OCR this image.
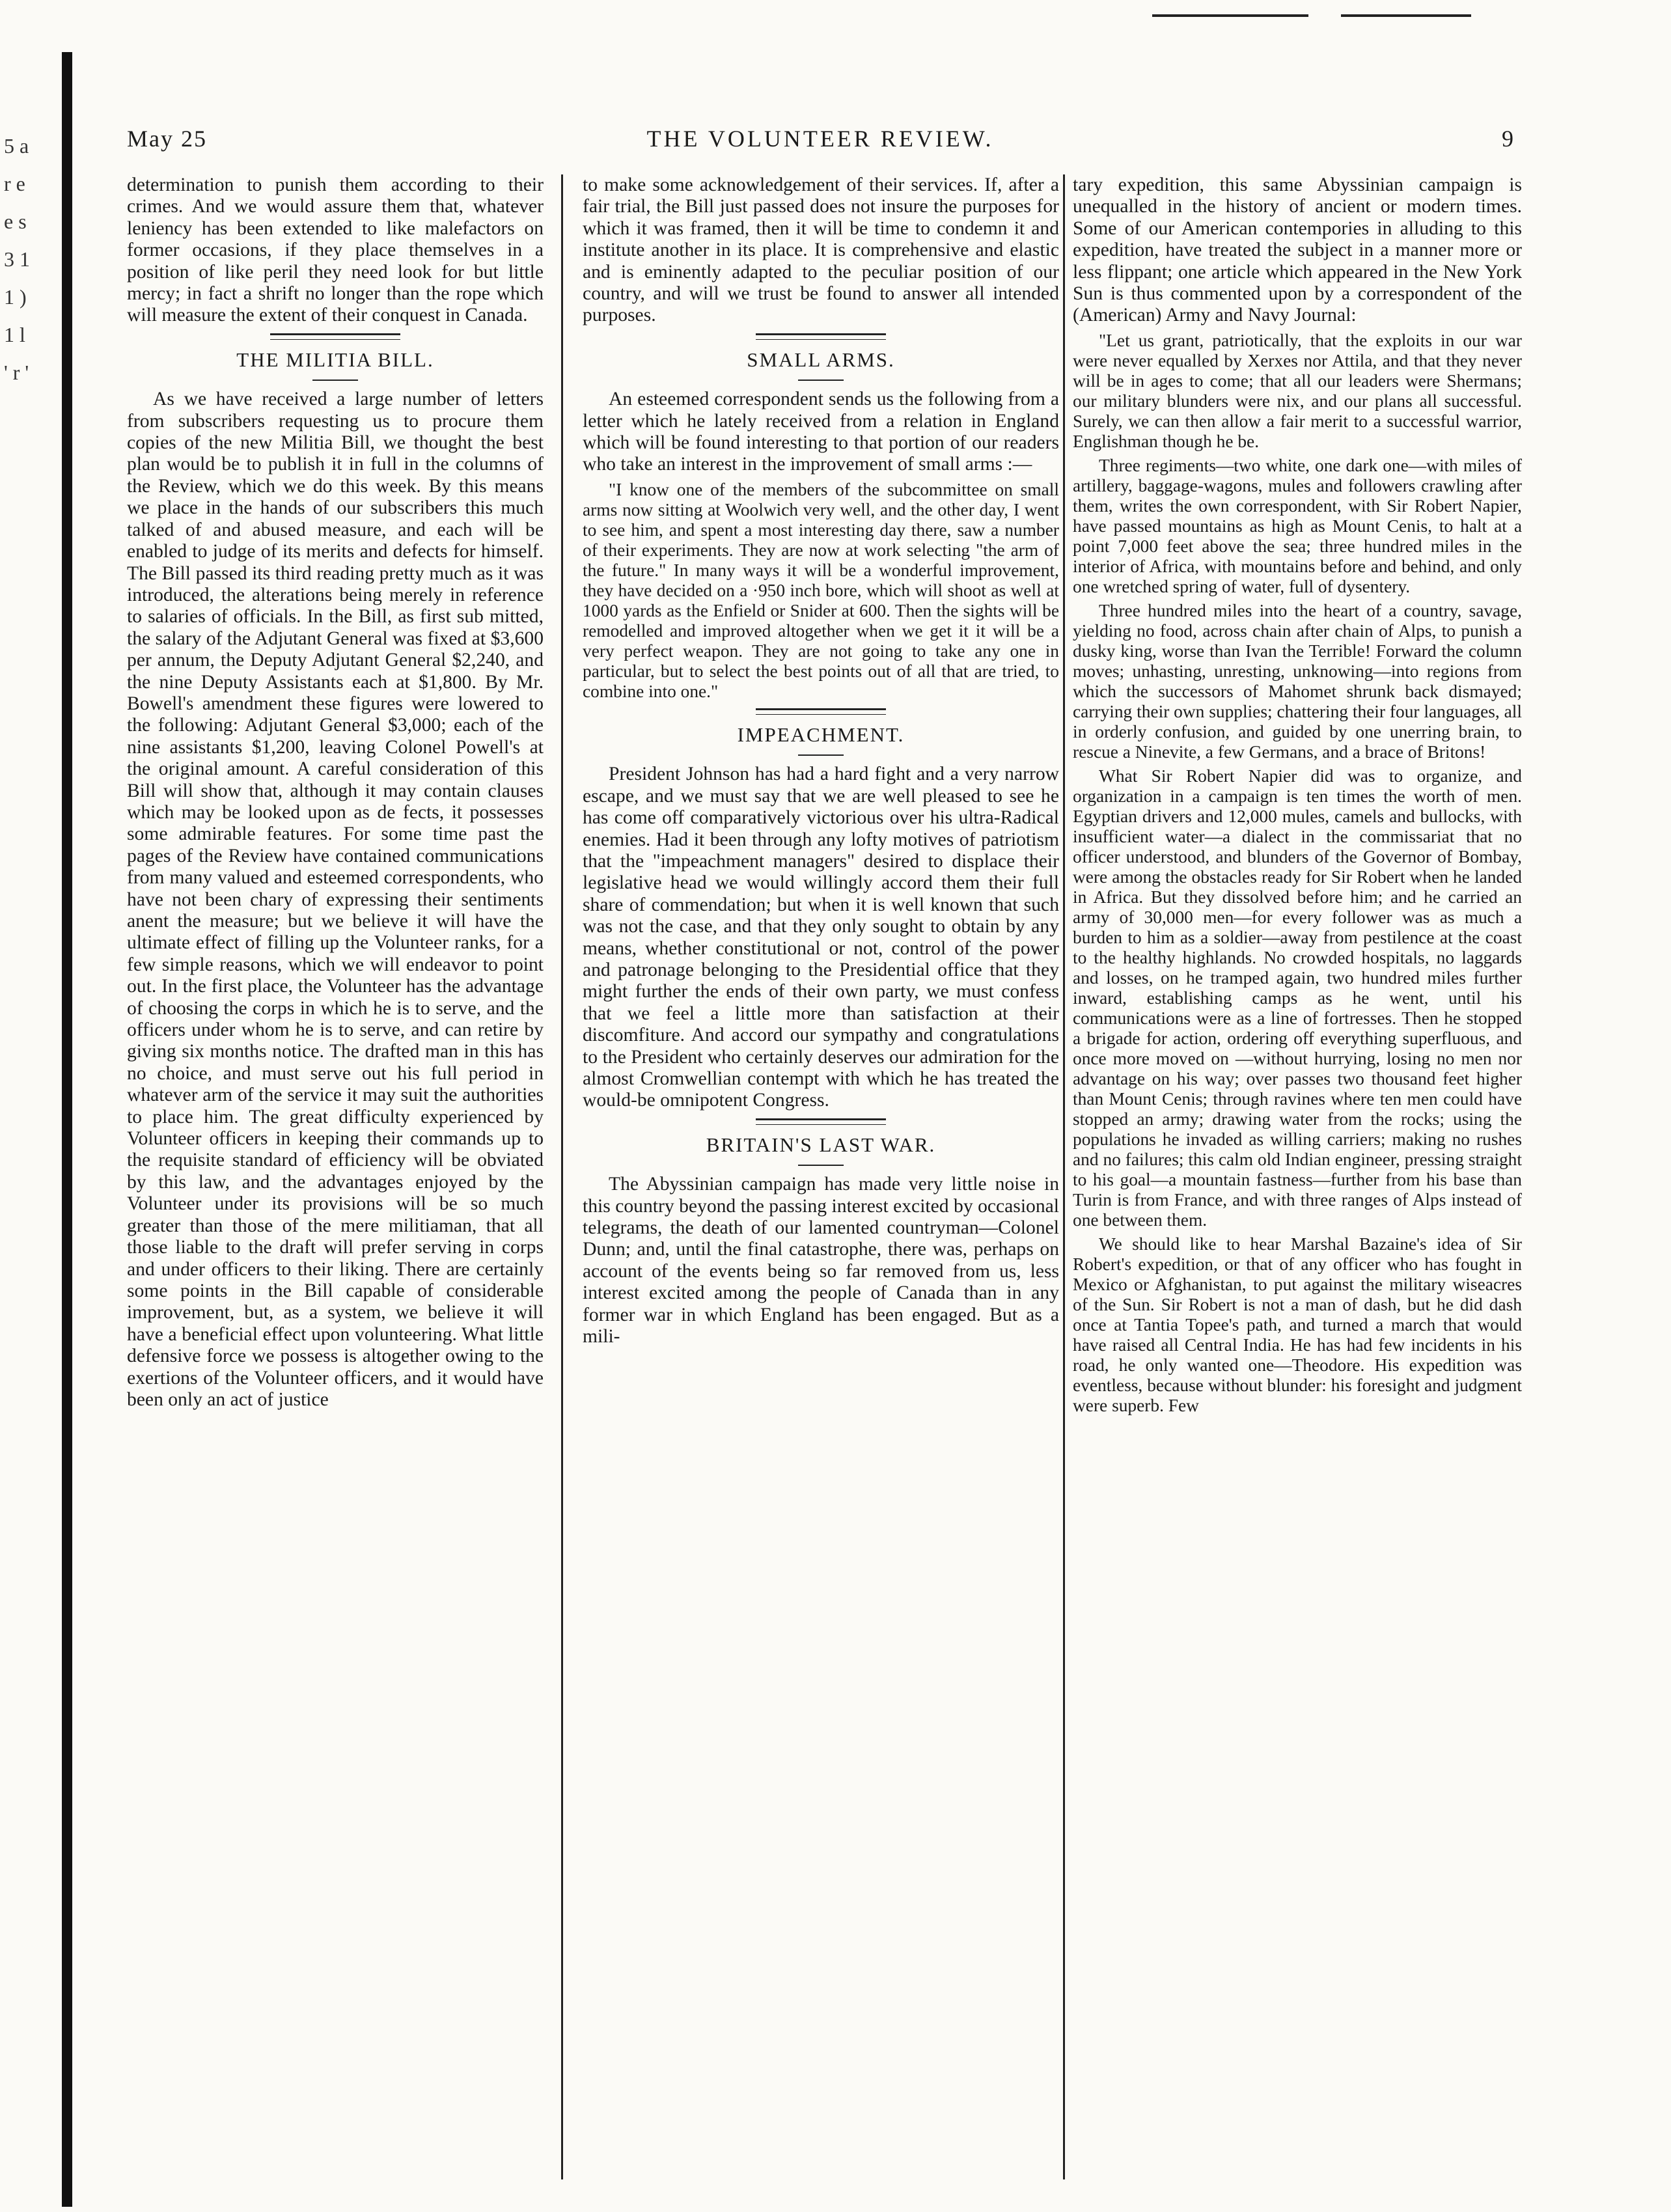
5 a r e e s 3 1 1 ) 1 l ' r '
May 25	THE VOLUNTEER REVIEW.	9

determination to punish them according to their crimes. And we would assure them that, whatever leniency has been extended to like malefactors on former occasions, if they place themselves in a position of like peril they need look for but little mercy; in fact a shrift no longer than the rope which will measure the extent of their conquest in Canada.

THE MILITIA BILL.

As we have received a large number of letters from subscribers requesting us to procure them copies of the new Militia Bill, we thought the best plan would be to publish it in full in the columns of the Review, which we do this week. By this means we place in the hands of our subscribers this much talked of and abused measure, and each will be enabled to judge of its merits and defects for himself. The Bill passed its third reading pretty much as it was introduced, the alterations being merely in reference to salaries of officials. In the Bill, as first sub mitted, the salary of the Adjutant General was fixed at $3,600 per annum, the Deputy Adjutant General $2,240, and the nine Deputy Assistants each at $1,800. By Mr. Bowell's amendment these figures were lowered to the following: Adjutant General $3,000; each of the nine assistants $1,200, leaving Colonel Powell's at the original amount. A careful consideration of this Bill will show that, although it may contain clauses which may be looked upon as de fects, it possesses some admirable features. For some time past the pages of the Review have contained communications from many valued and esteemed correspondents, who have not been chary of expressing their sentiments anent the measure; but we believe it will have the ultimate effect of filling up the Volunteer ranks, for a few simple reasons, which we will endeavor to point out. In the first place, the Volunteer has the advantage of choosing the corps in which he is to serve, and the officers under whom he is to serve, and can retire by giving six months notice. The drafted man in this has no choice, and must serve out his full period in whatever arm of the service it may suit the authorities to place him. The great difficulty experienced by Volunteer officers in keeping their commands up to the requisite standard of efficiency will be obviated by this law, and the advantages enjoyed by the Volunteer under its provisions will be so much greater than those of the mere militiaman, that all those liable to the draft will prefer serving in corps and under officers to their liking. There are certainly some points in the Bill capable of considerable improvement, but, as a system, we believe it will have a beneficial effect upon volunteering. What little defensive force we possess is altogether owing to the exertions of the Volunteer officers, and it would have been only an act of justice

to make some acknowledgement of their services. If, after a fair trial, the Bill just passed does not insure the purposes for which it was framed, then it will be time to condemn it and institute another in its place. It is comprehensive and elastic and is eminently adapted to the peculiar position of our country, and will we trust be found to answer all intended purposes.

SMALL ARMS.

An esteemed correspondent sends us the following from a letter which he lately received from a relation in England which will be found interesting to that portion of our readers who take an interest in the improvement of small arms :—

"I know one of the members of the subcommittee on small arms now sitting at Woolwich very well, and the other day, I went to see him, and spent a most interesting day there, saw a number of their experiments. They are now at work selecting "the arm of the future." In many ways it will be a wonderful improvement, they have decided on a ·950 inch bore, which will shoot as well at 1000 yards as the Enfield or Snider at 600. Then the sights will be remodelled and improved altogether when we get it it will be a very perfect weapon. They are not going to take any one in particular, but to select the best points out of all that are tried, to combine into one."

IMPEACHMENT.

President Johnson has had a hard fight and a very narrow escape, and we must say that we are well pleased to see he has come off comparatively victorious over his ultra-Radical enemies. Had it been through any lofty motives of patriotism that the "impeachment managers" desired to displace their legislative head we would willingly accord them their full share of commendation; but when it is well known that such was not the case, and that they only sought to obtain by any means, whether constitutional or not, control of the power and patronage belonging to the Presidential office that they might further the ends of their own party, we must confess that we feel a little more than satisfaction at their discomfiture. And accord our sympathy and congratulations to the President who certainly deserves our admiration for the almost Cromwellian contempt with which he has treated the would-be omnipotent Congress.

BRITAIN'S LAST WAR.

The Abyssinian campaign has made very little noise in this country beyond the passing interest excited by occasional telegrams, the death of our lamented countryman—Colonel Dunn; and, until the final catastrophe, there was, perhaps on account of the events being so far removed from us, less interest excited among the people of Canada than in any former war in which England has been engaged. But as a mili-

tary expedition, this same Abyssinian campaign is unequalled in the history of ancient or modern times. Some of our American contempories in alluding to this expedition, have treated the subject in a manner more or less flippant; one article which appeared in the New York Sun is thus commented upon by a correspondent of the (American) Army and Navy Journal:

"Let us grant, patriotically, that the exploits in our war were never equalled by Xerxes nor Attila, and that they never will be in ages to come; that all our leaders were Shermans; our military blunders were nix, and our plans all successful. Surely, we can then allow a fair merit to a successful warrior, Englishman though he be.

Three regiments—two white, one dark one—with miles of artillery, baggage-wagons, mules and followers crawling after them, writes the own correspondent, with Sir Robert Napier, have passed mountains as high as Mount Cenis, to halt at a point 7,000 feet above the sea; three hundred miles in the interior of Africa, with mountains before and behind, and only one wretched spring of water, full of dysentery.

Three hundred miles into the heart of a country, savage, yielding no food, across chain after chain of Alps, to punish a dusky king, worse than Ivan the Terrible! Forward the column moves; unhasting, unresting, unknowing—into regions from which the successors of Mahomet shrunk back dismayed; carrying their own supplies; chattering their four languages, all in orderly confusion, and guided by one unerring brain, to rescue a Ninevite, a few Germans, and a brace of Britons!

What Sir Robert Napier did was to organize, and organization in a campaign is ten times the worth of men. Egyptian drivers and 12,000 mules, camels and bullocks, with insufficient water—a dialect in the commissariat that no officer understood, and blunders of the Governor of Bombay, were among the obstacles ready for Sir Robert when he landed in Africa. But they dissolved before him; and he carried an army of 30,000 men—for every follower was as much a burden to him as a soldier—away from pestilence at the coast to the healthy highlands. No crowded hospitals, no laggards and losses, on he tramped again, two hundred miles further inward, establishing camps as he went, until his communications were as a line of fortresses. Then he stopped a brigade for action, ordering off everything superfluous, and once more moved on —without hurrying, losing no men nor advantage on his way; over passes two thousand feet higher than Mount Cenis; through ravines where ten men could have stopped an army; drawing water from the rocks; using the populations he invaded as willing carriers; making no rushes and no failures; this calm old Indian engineer, pressing straight to his goal—a mountain fastness—further from his base than Turin is from France, and with three ranges of Alps instead of one between them.

We should like to hear Marshal Bazaine's idea of Sir Robert's expedition, or that of any officer who has fought in Mexico or Afghanistan, to put against the military wiseacres of the Sun. Sir Robert is not a man of dash, but he did dash once at Tantia Topee's path, and turned a march that would have raised all Central India. He has had few incidents in his road, he only wanted one—Theodore. His expedition was eventless, because without blunder: his foresight and judgment were superb. Few
